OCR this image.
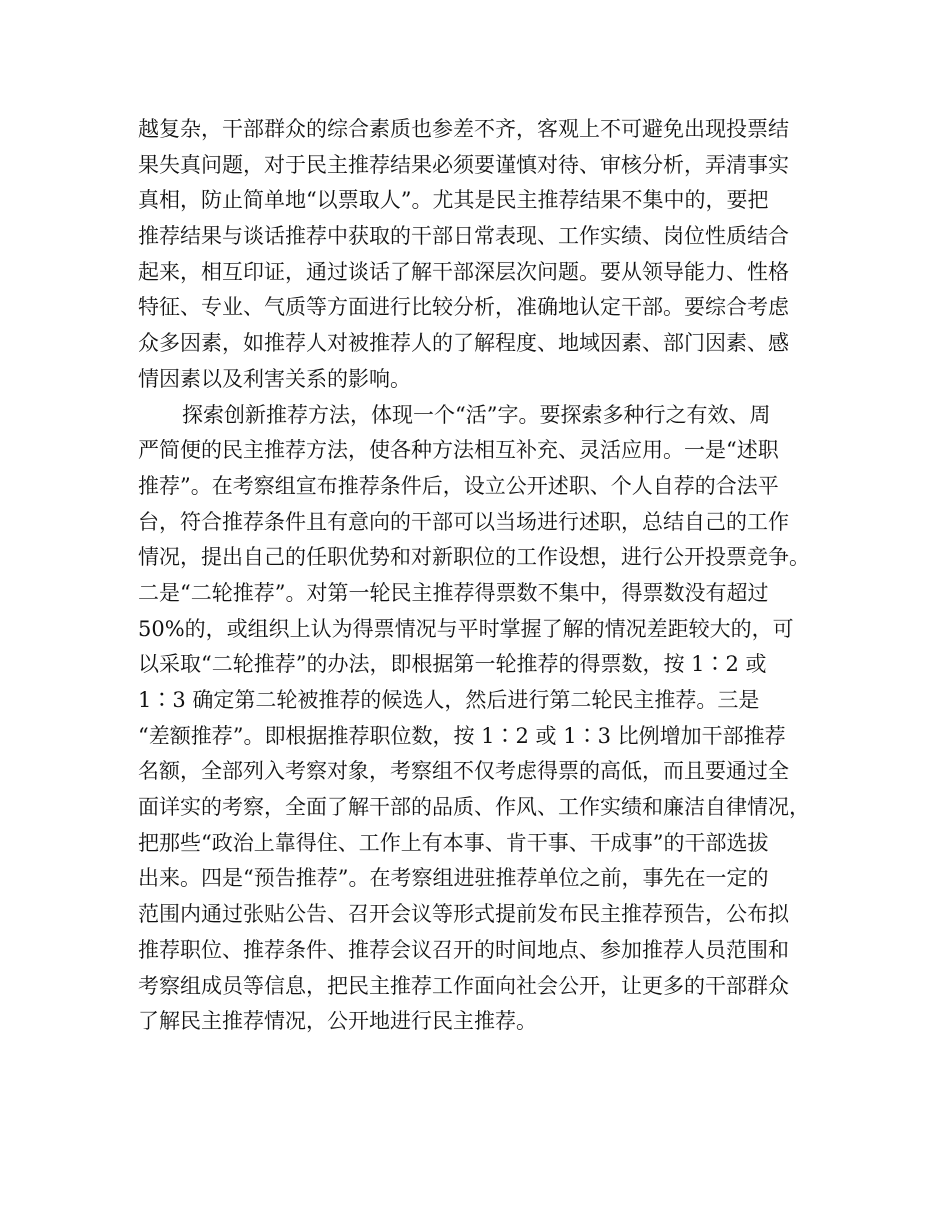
越复杂，干部群众的综合素质也参差不齐，客观上不可避免出现投票结
果失真问题，对于民主推荐结果必须要谨慎对待、审核分析，弄清事实
真相，防止简单地“以票取人”。尤其是民主推荐结果不集中的，要把
推荐结果与谈话推荐中获取的干部日常表现、工作实绩、岗位性质结合
起来，相互印证，通过谈话了解干部深层次问题。要从领导能力、性格
特征、专业、气质等方面进行比较分析，准确地认定干部。要综合考虑
众多因素，如推荐人对被推荐人的了解程度、地域因素、部门因素、感
情因素以及利害关系的影响。
探索创新推荐方法，体现一个“活”字。要探索多种行之有效、周
严简便的民主推荐方法，使各种方法相互补充、灵活应用。一是“述职
推荐”。在考察组宣布推荐条件后，设立公开述职、个人自荐的合法平
台，符合推荐条件且有意向的干部可以当场进行述职，总结自己的工作
情况，提出自己的任职优势和对新职位的工作设想，进行公开投票竞争。
二是“二轮推荐”。对第一轮民主推荐得票数不集中，得票数没有超过
50%的，或组织上认为得票情况与平时掌握了解的情况差距较大的，可
以采取“二轮推荐”的办法，即根据第一轮推荐的得票数，按 1∶2 或
1∶3 确定第二轮被推荐的候选人，然后进行第二轮民主推荐。三是
“差额推荐”。即根据推荐职位数，按 1∶2 或 1∶3 比例增加干部推荐
名额，全部列入考察对象，考察组不仅考虑得票的高低，而且要通过全
面详实的考察，全面了解干部的品质、作风、工作实绩和廉洁自律情况，
把那些“政治上靠得住、工作上有本事、肯干事、干成事”的干部选拔
出来。四是“预告推荐”。在考察组进驻推荐单位之前，事先在一定的
范围内通过张贴公告、召开会议等形式提前发布民主推荐预告，公布拟
推荐职位、推荐条件、推荐会议召开的时间地点、参加推荐人员范围和
考察组成员等信息，把民主推荐工作面向社会公开，让更多的干部群众
了解民主推荐情况，公开地进行民主推荐。
